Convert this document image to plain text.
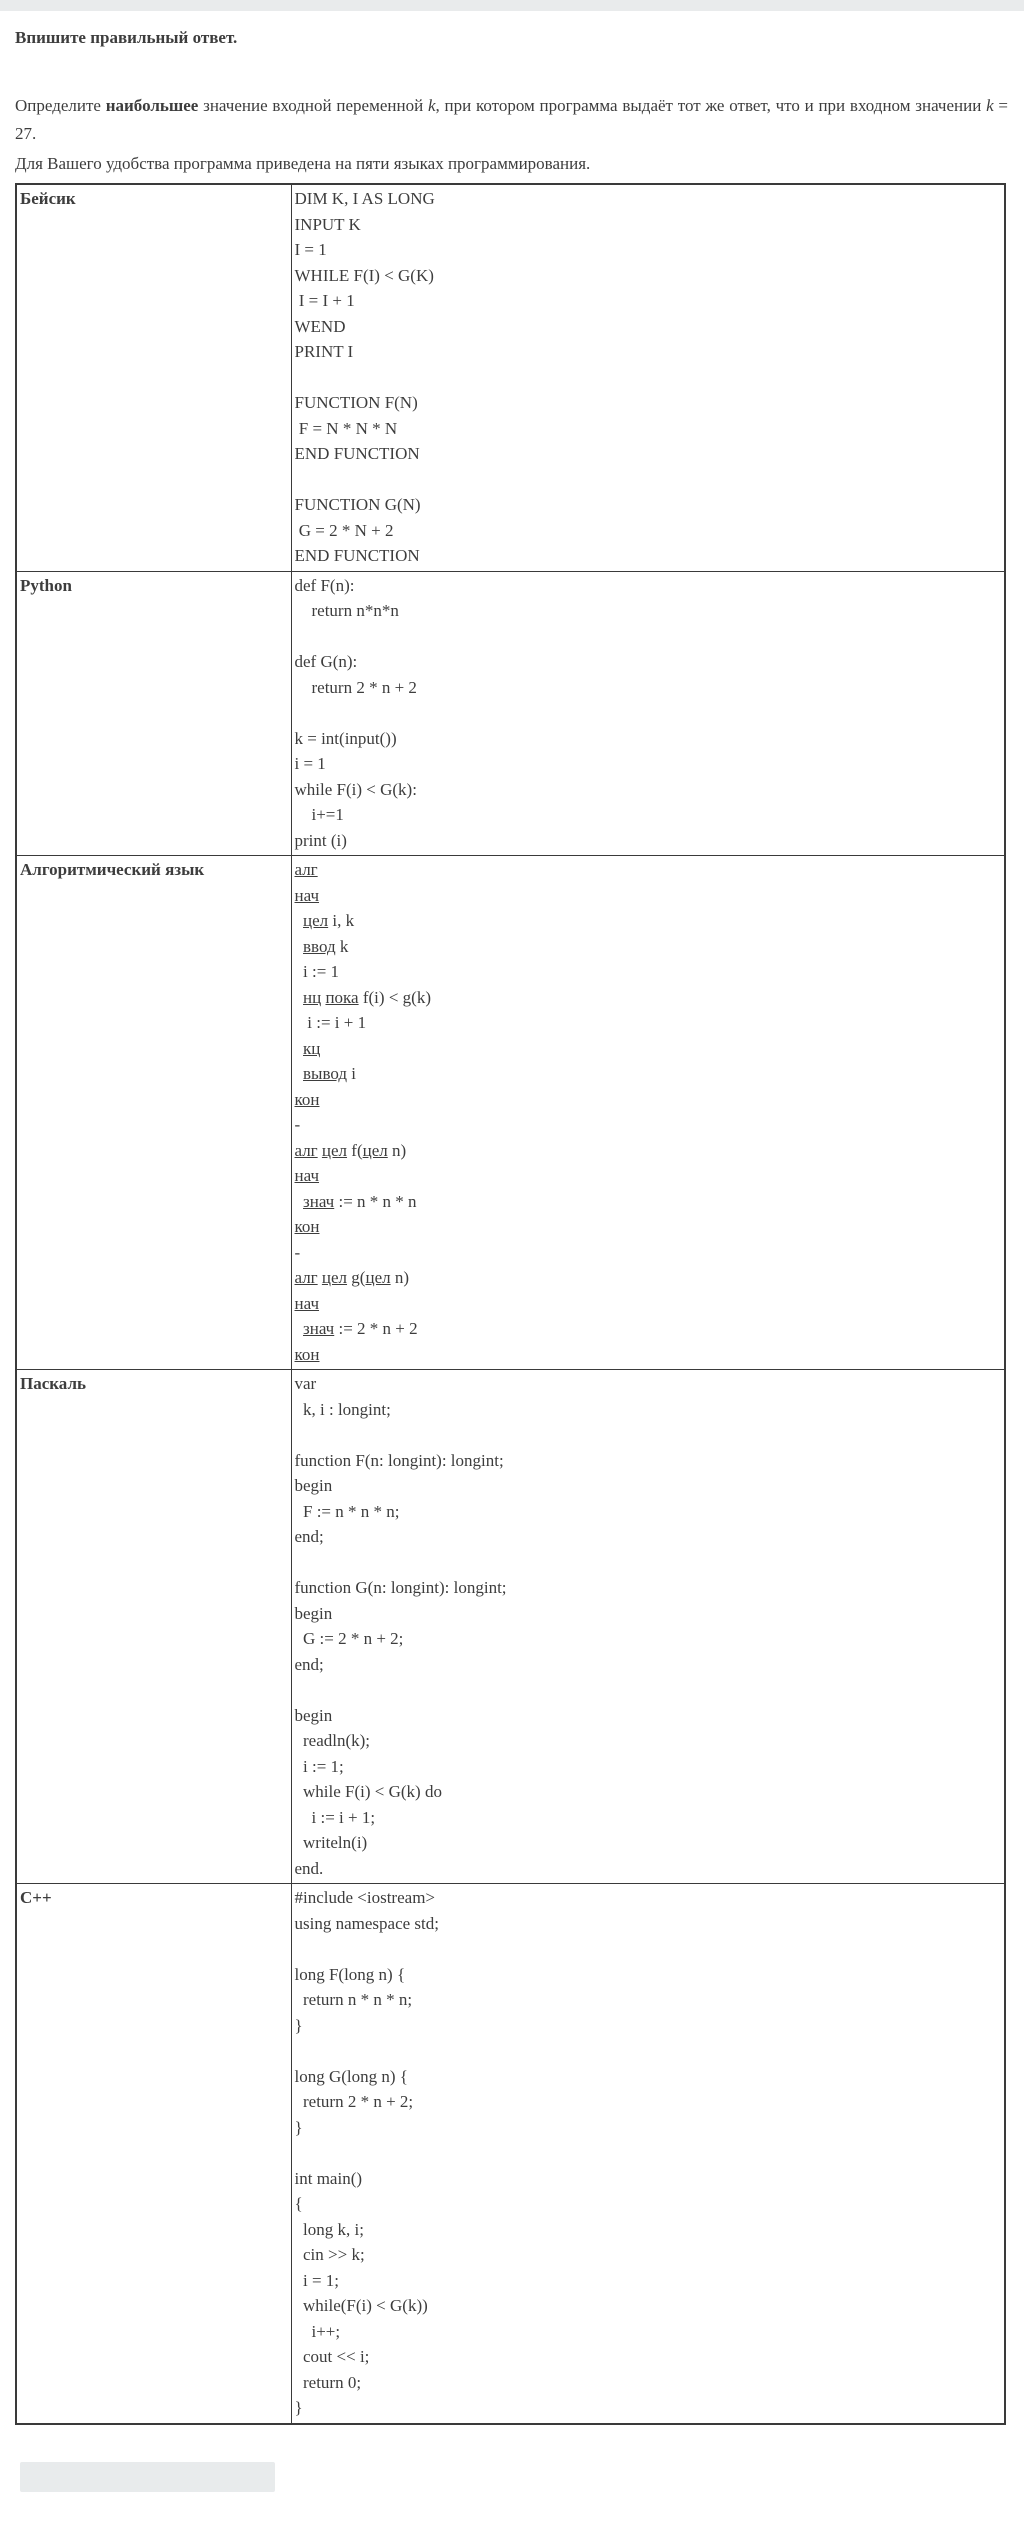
Впишите правильный ответ.

Определите наибольшее значение входной переменной k, при котором программа выдаёт тот же ответ, что и при входном значении k = 27.

Для Вашего удобства программа приведена на пяти языках программирования.

Бейсик	DIM K, I AS LONG
INPUT K
I = 1
WHILE F(I) < G(K)
I = I + 1
WEND
PRINT I

FUNCTION F(N)
F = N * N * N
END FUNCTION

FUNCTION G(N)
G = 2 * N + 2
END FUNCTION

Python	def F(n):
return n*n*n

def G(n):
return 2 * n + 2

k = int(input())
i = 1
while F(i) < G(k):
i+=1
print (i)

Алгоритмический язык	алг
нач
цел i, k
ввод k
i := 1
нц пока f(i) < g(k)
i := i + 1
кц
вывод i
кон
-
алг цел f(цел n)
нач
знач := n * n * n
кон
-
алг цел g(цел n)
нач
знач := 2 * n + 2
кон

Паскаль	var
k, i : longint;

function F(n: longint): longint;
begin
F := n * n * n;
end;

function G(n: longint): longint;
begin
G := 2 * n + 2;
end;

begin
readln(k);
i := 1;
while F(i) < G(k) do
i := i + 1;
writeln(i)
end.

C++	#include <iostream>
using namespace std;

long F(long n) {
return n * n * n;
}

long G(long n) {
return 2 * n + 2;
}

int main()
{
long k, i;
cin >> k;
i = 1;
while(F(i) < G(k))
i++;
cout << i;
return 0;
}
